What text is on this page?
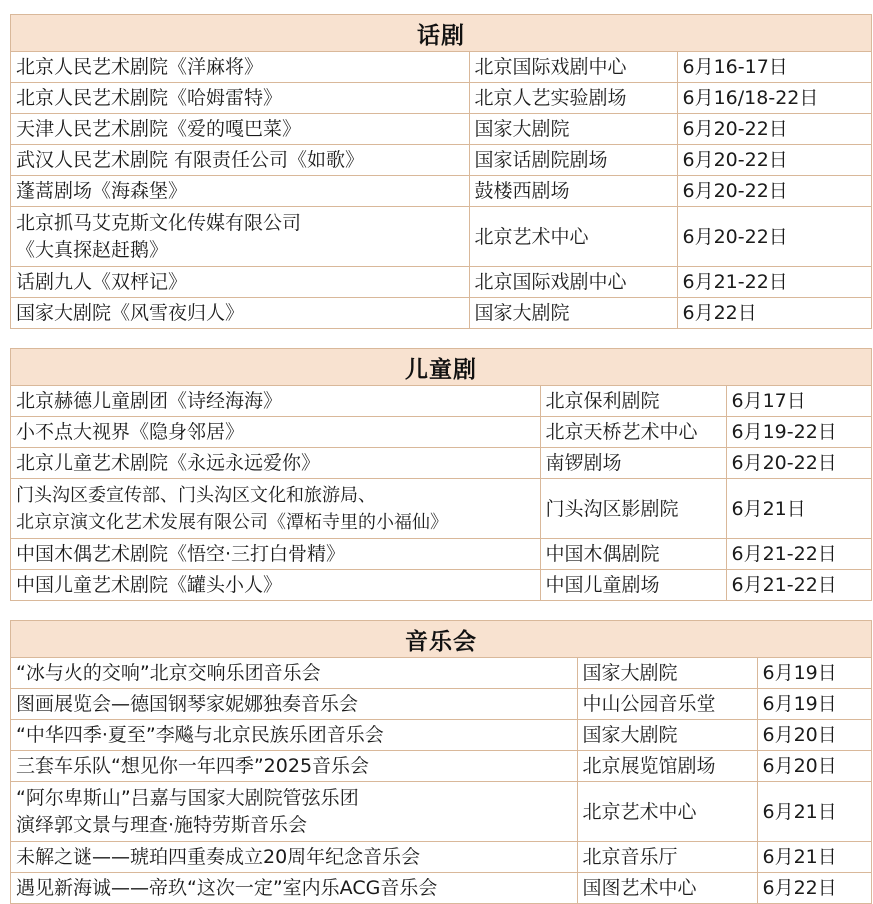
话剧
北京人民艺术剧院《洋麻将》	北京国际戏剧中心	6月16-17日
北京人民艺术剧院《哈姆雷特》	北京人艺实验剧场	6月16/18-22日
天津人民艺术剧院《爱的嘎巴菜》	国家大剧院	6月20-22日
武汉人民艺术剧院 有限责任公司《如歌》	国家话剧院剧场	6月20-22日
蓬蒿剧场《海森堡》	鼓楼西剧场	6月20-22日

北京抓马艾克斯文化传媒有限公司
《大真探赵赶鹅》	北京艺术中心	6月20-22日
话剧九人《双枰记》	北京国际戏剧中心	6月21-22日
国家大剧院《风雪夜归人》	国家大剧院	6月22日
儿童剧
北京赫德儿童剧团《诗经海海》	北京保利剧院	6月17日
小不点大视界《隐身邻居》	北京天桥艺术中心	6月19-22日
北京儿童艺术剧院《永远永远爱你》	南锣剧场	6月20-22日

门头沟区委宣传部、门头沟区文化和旅游局、
北京京演文化艺术发展有限公司《潭柘寺里的小福仙》	门头沟区影剧院	6月21日
中国木偶艺术剧院《悟空·三打白骨精》	中国木偶剧院	6月21-22日
中国儿童艺术剧院《罐头小人》	中国儿童剧场	6月21-22日
音乐会
“冰与火的交响”北京交响乐团音乐会	国家大剧院	6月19日
图画展览会—德国钢琴家妮娜独奏音乐会	中山公园音乐堂	6月19日
“中华四季·夏至”李飚与北京民族乐团音乐会	国家大剧院	6月20日
三套车乐队“想见你一年四季”2025音乐会	北京展览馆剧场	6月20日

“阿尔卑斯山”吕嘉与国家大剧院管弦乐团
演绎郭文景与理查·施特劳斯音乐会	北京艺术中心	6月21日
未解之谜——琥珀四重奏成立20周年纪念音乐会	北京音乐厅	6月21日
遇见新海诚——帝玖“这次一定”室内乐ACG音乐会	国图艺术中心	6月22日
